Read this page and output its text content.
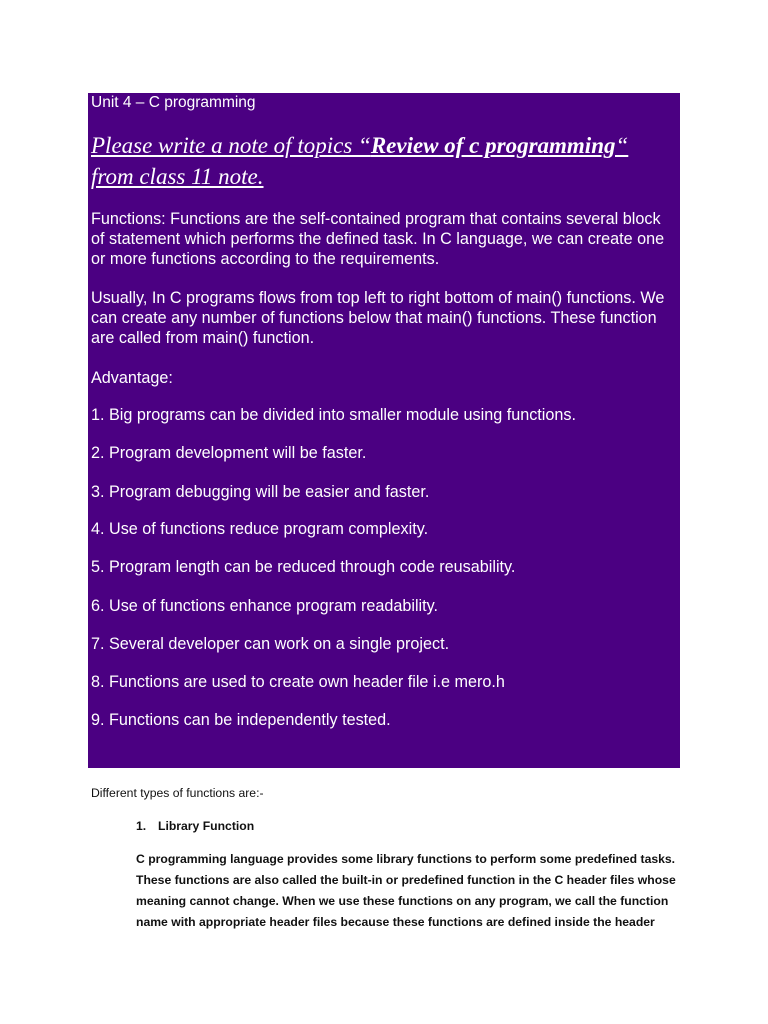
Unit 4 – C programming

Please write a note of topics “Review of c programming“ from class 11 note.

Functions: Functions are the self-contained program that contains several block of statement which performs the defined task. In C language, we can create one or more functions according to the requirements.

Usually, In C programs flows from top left to right bottom of main() functions. We can create any number of functions below that main() functions. These function are called from main() function.

Advantage:

1. Big programs can be divided into smaller module using functions.

2. Program development will be faster.

3. Program debugging will be easier and faster.

4. Use of functions reduce program complexity.

5. Program length can be reduced through code reusability.

6. Use of functions enhance program readability.

7. Several developer can work on a single project.

8. Functions are used to create own header file i.e mero.h

9. Functions can be independently tested.

Different types of functions are:-
1. Library Function

C programming language provides some library functions to perform some predefined tasks. These functions are also called the built-in or predefined function in the C header files whose meaning cannot change. When we use these functions on any program, we call the function name with appropriate header files because these functions are defined inside the header
